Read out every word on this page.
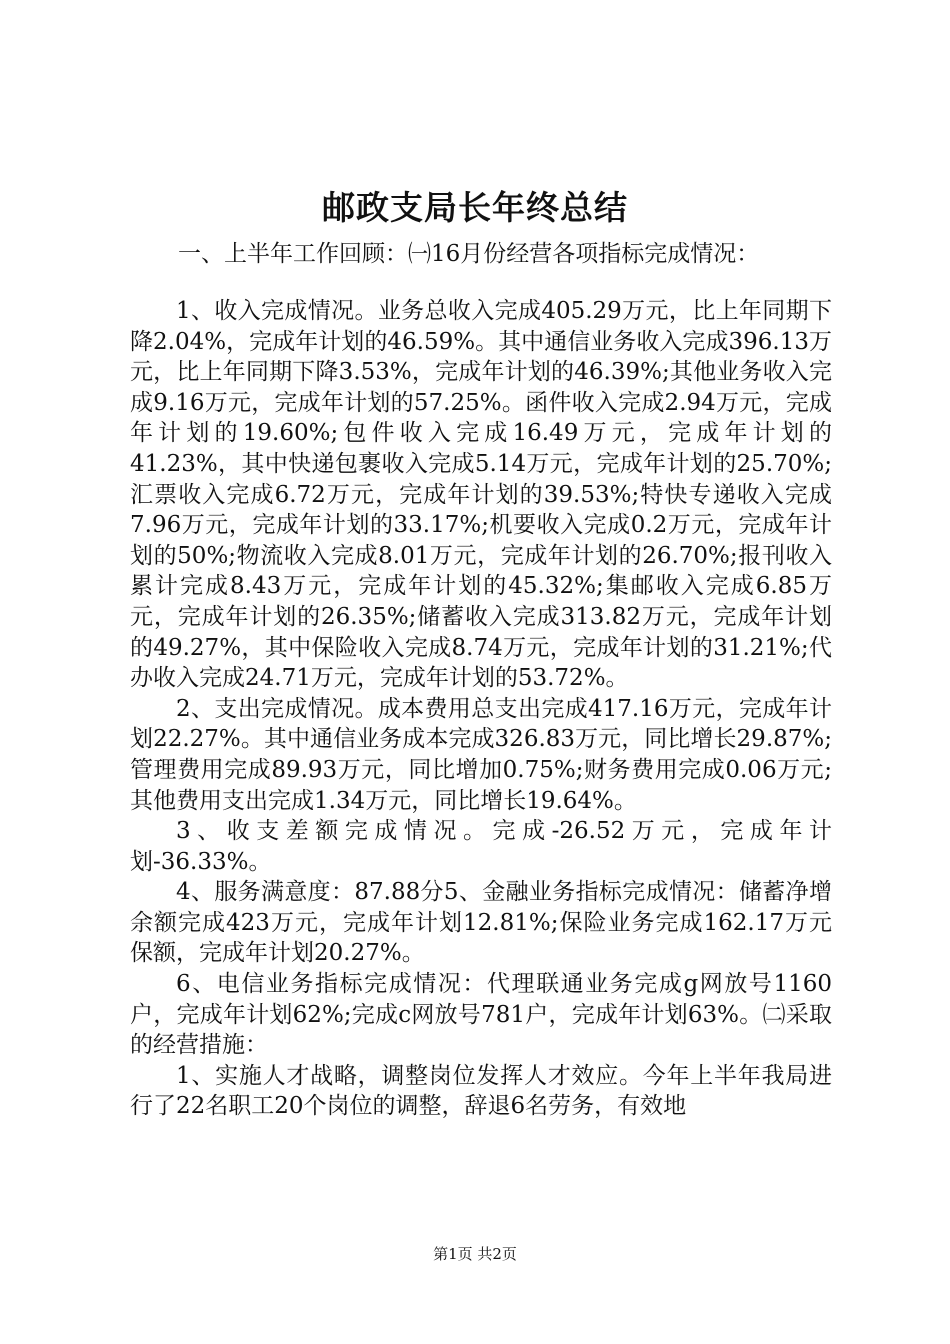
邮政支局长年终总结
一、上半年工作回顾：㈠16月份经营各项指标完成情况：

1、收入完成情况。业务总收入完成405.29万元，比上年同期下降2.04%，完成年计划的46.59%。其中通信业务收入完成396.13万元，比上年同期下降3.53%，完成年计划的46.39%;其他业务收入完成9.16万元，完成年计划的57.25%。函件收入完成2.94万元，完成年计划的19.60%;包件收入完成16.49万元，完成年计划的41.23%，其中快递包裹收入完成5.14万元，完成年计划的25.70%;汇票收入完成6.72万元，完成年计划的39.53%;特快专递收入完成7.96万元，完成年计划的33.17%;机要收入完成0.2万元，完成年计划的50%;物流收入完成8.01万元，完成年计划的26.70%;报刊收入累计完成8.43万元，完成年计划的45.32%;集邮收入完成6.85万元，完成年计划的26.35%;储蓄收入完成313.82万元，完成年计划的49.27%，其中保险收入完成8.74万元，完成年计划的31.21%;代办收入完成24.71万元，完成年计划的53.72%。

2、支出完成情况。成本费用总支出完成417.16万元，完成年计划22.27%。其中通信业务成本完成326.83万元，同比增长29.87%;管理费用完成89.93万元，同比增加0.75%;财务费用完成0.06万元;其他费用支出完成1.34万元，同比增长19.64%。

3、收支差额完成情况。完成-26.52万元，完成年计划-36.33%。

4、服务满意度：87.88分5、金融业务指标完成情况：储蓄净增余额完成423万元，完成年计划12.81%;保险业务完成162.17万元保额，完成年计划20.27%。

6、电信业务指标完成情况：代理联通业务完成g网放号1160户，完成年计划62%;完成c网放号781户，完成年计划63%。㈡采取的经营措施：

1、实施人才战略，调整岗位发挥人才效应。今年上半年我局进行了22名职工20个岗位的调整，辞退6名劳务，有效地

第1页 共2页
